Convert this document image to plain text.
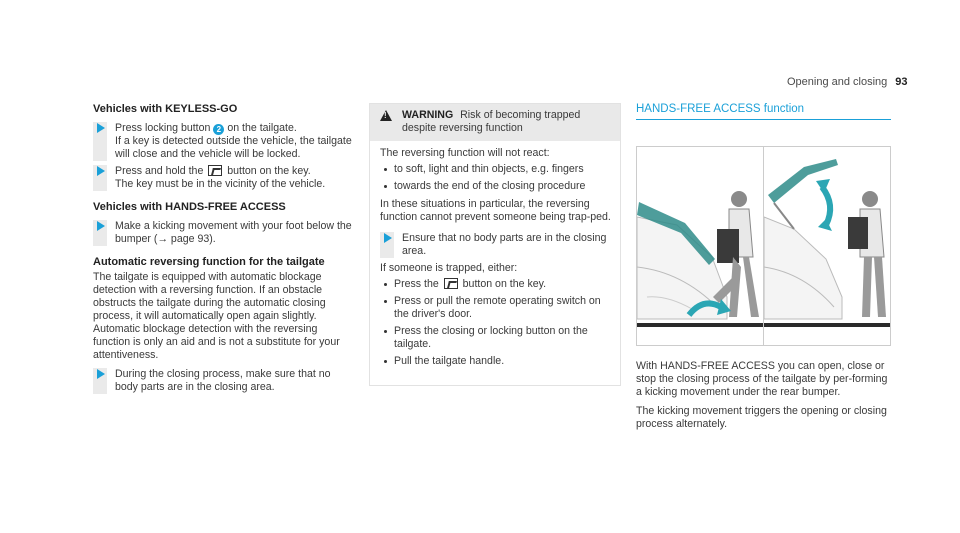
Opening and closing 93
Vehicles with KEYLESS-GO
Press locking button 2 on the tailgate.
If a key is detected outside the vehicle, the tailgate will close and the vehicle will be locked.
Press and hold the button on the key.
The key must be in the vicinity of the vehicle.
Vehicles with HANDS-FREE ACCESS
Make a kicking movement with your foot below the bumper (→ page 93).
Automatic reversing function for the tailgate

The tailgate is equipped with automatic blockage detection with a reversing function. If an obstacle obstructs the tailgate during the automatic closing process, it will automatically open again slightly. Automatic blockage detection with the reversing function is only an aid and is not a substitute for your attentiveness.

During the closing process, make sure that no body parts are in the closing area.
! WARNING Risk of becoming trapped despite reversing function

The reversing function will not react:

to soft, light and thin objects, e.g. fingers
towards the end of the closing procedure

In these situations in particular, the reversing function cannot prevent someone being trap-ped.

Ensure that no body parts are in the closing area.

If someone is trapped, either:

Press the button on the key.
Press or pull the remote operating switch on the driver's door.
Press the closing or locking button on the tailgate.
Pull the tailgate handle.
HANDS-FREE ACCESS function

With HANDS-FREE ACCESS you can open, close or stop the closing process of the tailgate by per-forming a kicking movement under the rear bumper.

The kicking movement triggers the opening or closing process alternately.
